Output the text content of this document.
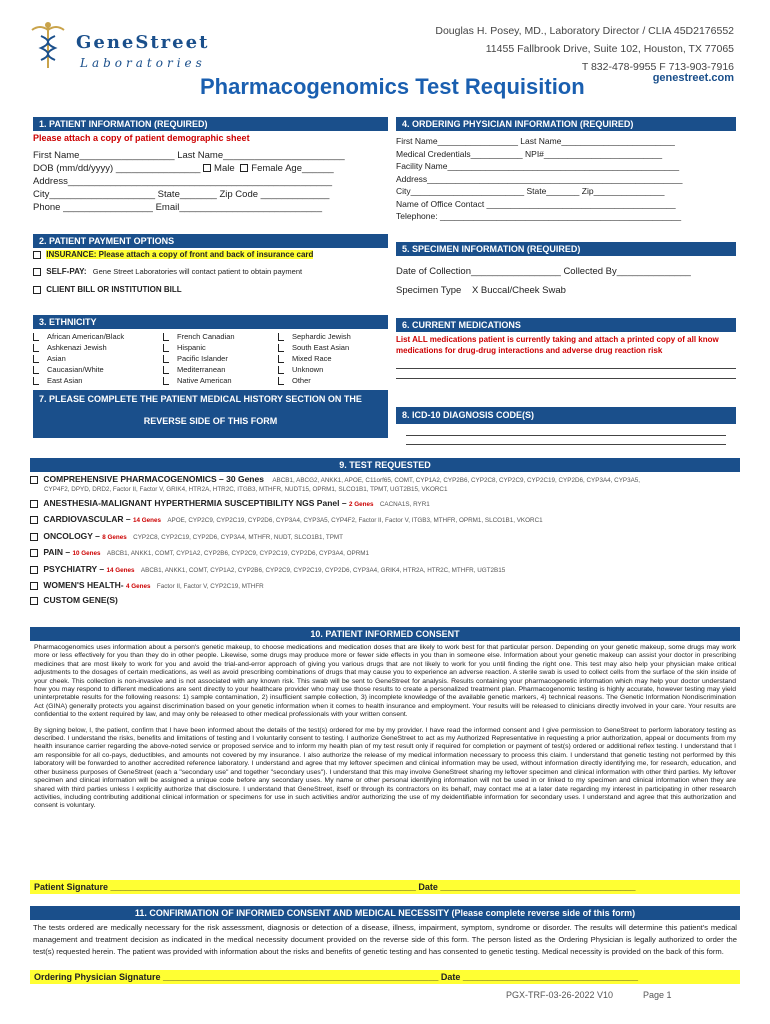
GeneStreet
Laboratories
Douglas H. Posey, MD., Laboratory Director / CLIA 45D2176552
11455 Fallbrook Drive, Suite 102, Houston, TX 77065
T 832-478-9955 F 713-903-7916
genestreet.com
Pharmacogenomics Test Requisition
1. PATIENT INFORMATION (REQUIRED)
Please attach a copy of patient demographic sheet
First Name__________________ Last Name_______________________
DOB (mm/dd/yyyy) ________________ Male Female Age______
Address__________________________________________________
City____________________ State_______ Zip Code _____________
Phone _________________ Email___________________________
2. PATIENT PAYMENT OPTIONS
INSURANCE: Please attach a copy of front and back of insurance card
SELF-PAY: Gene Street Laboratories will contact patient to obtain payment
CLIENT BILL OR INSTITUTION BILL
3. ETHNICITY
African American/Black
Ashkenazi Jewish
Asian
Caucasian/White
East Asian
French Canadian
Hispanic
Pacific Islander
Mediterranean
Native American
Sephardic Jewish
South East Asian
Mixed Race
Unknown
Other
7. PLEASE COMPLETE THE PATIENT MEDICAL HISTORY SECTION ON THE
REVERSE SIDE OF THIS FORM
4. ORDERING PHYSICIAN INFORMATION (REQUIRED)
First Name_________________ Last Name________________________
Medical Credentials___________ NPI#_________________________
Facility Name_________________________________________________
Address______________________________________________________
City________________________ State_______ Zip_______________
Name of Office Contact ________________________________________
Telephone: ___________________________________________________
5. SPECIMEN INFORMATION (REQUIRED)
Date of Collection_________________ Collected By______________
Specimen Type X Buccal/Cheek Swab
6. CURRENT MEDICATIONS
List ALL medications patient is currently taking and attach a printed copy of all know medications for drug-drug interactions and adverse drug reaction risk
8. ICD-10 DIAGNOSIS CODE(S)
9. TEST REQUESTED
COMPREHENSIVE PHARMACOGENOMICS – 30 Genes ABCB1, ABCG2, ANKK1, APOE, C11orf65, COMT, CYP1A2, CYP2B6, CYP2C8, CYP2C9, CYP2C19, CYP2D6, CYP3A4, CYP3A5,
CYP4F2, DPYD, DRD2, Factor II, Factor V, GRIK4, HTR2A, HTR2C, ITGB3, MTHFR, NUDT15, OPRM1, SLCO1B1, TPMT, UGT2B15, VKORC1
ANESTHESIA-MALIGNANT HYPERTHERMIA SUSCEPTIBILITY NGS Panel – 2 Genes CACNA1S, RYR1
CARDIOVASCULAR – 14 Genes APOE, CYP2C9, CYP2C19, CYP2D6, CYP3A4, CYP3A5, CYP4F2, Factor II, Factor V, ITGB3, MTHFR, OPRM1, SLCO1B1, VKORC1
ONCOLOGY – 8 Genes CYP2C8, CYP2C19, CYP2D6, CYP3A4, MTHFR, NUDT, SLCO1B1, TPMT
PAIN – 10 Genes ABCB1, ANKK1, COMT, CYP1A2, CYP2B6, CYP2C9, CYP2C19, CYP2D6, CYP3A4, OPRM1
PSYCHIATRY – 14 Genes ABCB1, ANKK1, COMT, CYP1A2, CYP2B6, CYP2C9, CYP2C19, CYP2D6, CYP3A4, GRIK4, HTR2A, HTR2C, MTHFR, UGT2B15
WOMEN'S HEALTH- 4 Genes Factor II, Factor V, CYP2C19, MTHFR
CUSTOM GENE(S)
10. PATIENT INFORMED CONSENT

Pharmacogenomics uses information about a person's genetic makeup, to choose medications and medication doses that are likely to work best for that particular person. Depending on your genetic makeup, some drugs may work more or less effectively for you than they do in other people. Likewise, some drugs may produce more or fewer side effects in you than in someone else. Information about your genetic makeup can assist your doctor in prescribing medicines that are most likely to work for you and avoid the trial-and-error approach of giving you various drugs that are not likely to work for you until finding the right one. This test may also help your physician make critical adjustments to the dosages of certain medications, as well as avoid prescribing combinations of drugs that may cause you to experience an adverse reaction. A sterile swab is used to collect cells from the surface of the skin inside of your cheek. This collection is non-invasive and is not associated with any known risk. This swab will be sent to GeneStreet for analysis. Results containing your pharmacogenetic information which may help your doctor understand how you may respond to different medications are sent directly to your healthcare provider who may use those results to create a personalized treatment plan. Pharmacogenomic testing is highly accurate, however testing may yield uninterpretable results for the following reasons: 1) sample contamination, 2) insufficient sample collection, 3) incomplete knowledge of the available genetic markers, 4) technical reasons. The Genetic Information Nondiscrimination Act (GINA) generally protects you against discrimination based on your genetic information when it comes to health insurance and employment. Your results will be released to clinicians directly involved in your care. Your results are confidential to the extent required by law, and may only be released to other medical professionals with your written consent.

By signing below, I, the patient, confirm that I have been informed about the details of the test(s) ordered for me by my provider. I have read the informed consent and I give permission to GeneStreet to perform laboratory testing as described. I understand the risks, benefits and limitations of testing and I voluntarily consent to testing. I authorize GeneStreet to act as my Authorized Representative in requesting a prior authorization, appeal or documents from my health insurance carrier regarding the above-noted service or proposed service and to inform my health plan of my test result only if required for completion or payment of test(s) ordered or additional reflex testing. I understand that I am responsible for all co-pays, deductibles, and amounts not covered by my insurance. I also authorize the release of my medical information necessary to process this claim. I understand that genetic testing not performed by this laboratory will be forwarded to another accredited reference laboratory. I understand and agree that my leftover specimen and clinical information may be used, without information directly identifying me, for research, education, and other business purposes of GeneStreet (each a "secondary use" and together "secondary uses"). I understand that this may involve GeneStreet sharing my leftover specimen and clinical information with other third parties. My leftover specimen and clinical information will be assigned a unique code before any secondary uses. My name or other personal identifying information will not be used in or linked to my specimen and clinical information when they are shared with third parties unless I explicitly authorize that disclosure. I understand that GeneStreet, itself or through its contractors on its behalf, may contact me at a later date regarding my interest in participating in other research activities, including contributing additional clinical information or specimens for use in such activities and/or authorizing the use of my deidentifiable information for secondary uses. I understand and agree that this authorization and consent is voluntary.

Patient Signature _____________________________________________________________ Date _______________________________________
11. CONFIRMATION OF INFORMED CONSENT AND MEDICAL NECESSITY (Please complete reverse side of this form)

The tests ordered are medically necessary for the risk assessment, diagnosis or detection of a disease, illness, impairment, symptom, syndrome or disorder. The results will determine this patient's medical management and treatment decision as indicated in the medical necessity document provided on the reverse side of this form. The person listed as the Ordering Physician is legally authorized to order the test(s) requested herein. The patient was provided with information about the risks and benefits of genetic testing and has consented to genetic testing. Medical necessity is provided on the back of this form.

Ordering Physician Signature _______________________________________________________ Date ___________________________________
PGX-TRF-03-26-2022 V10	Page 1
